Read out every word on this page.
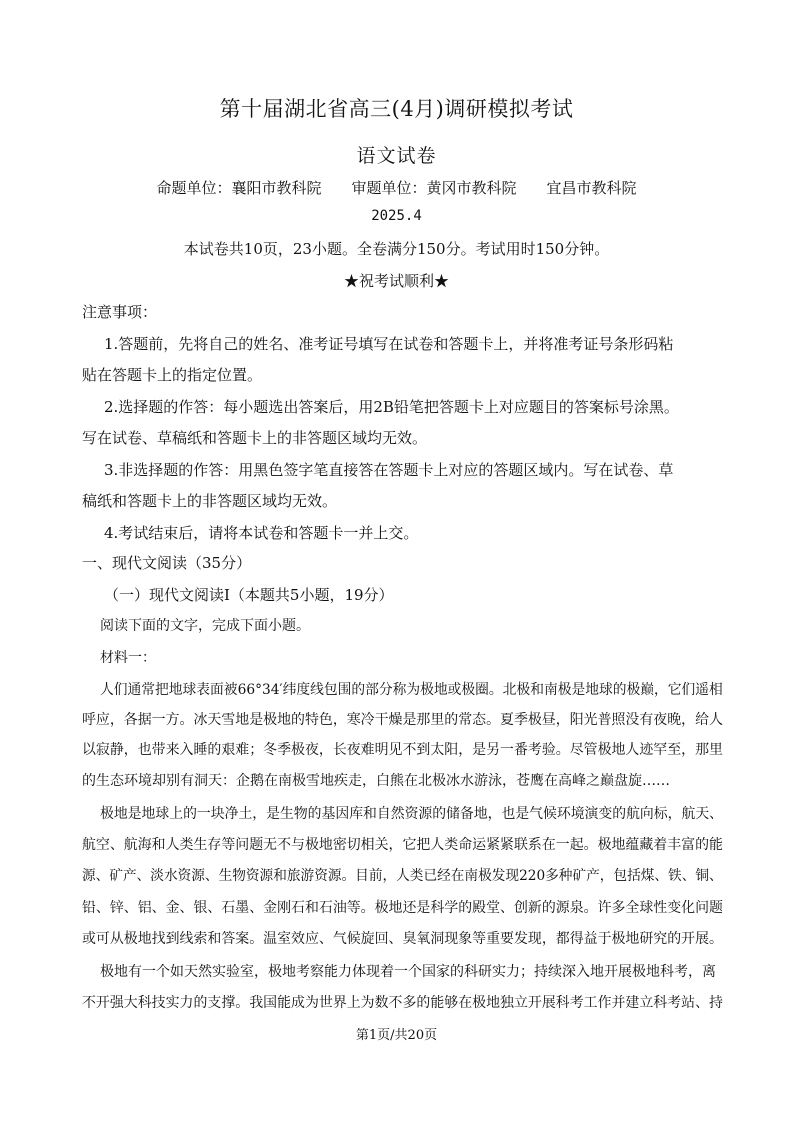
第十届湖北省高三(4月)调研模拟考试
语文试卷
命题单位：襄阳市教科院 审题单位：黄冈市教科院 宜昌市教科院
2025.4
本试卷共10页，23小题。全卷满分150分。考试用时150分钟。
★祝考试顺利★
注意事项：
1.答题前，先将自己的姓名、准考证号填写在试卷和答题卡上，并将准考证号条形码粘
贴在答题卡上的指定位置。
2.选择题的作答：每小题选出答案后，用2B铅笔把答题卡上对应题目的答案标号涂黑。
写在试卷、草稿纸和答题卡上的非答题区域均无效。
3.非选择题的作答：用黑色签字笔直接答在答题卡上对应的答题区域内。写在试卷、草
稿纸和答题卡上的非答题区域均无效。
4.考试结束后，请将本试卷和答题卡一并上交。
一、现代文阅读（35分）
（一）现代文阅读Ⅰ（本题共5小题，19分）
阅读下面的文字，完成下面小题。
材料一：
人们通常把地球表面被66°34′纬度线包围的部分称为极地或极圈。北极和南极是地球的极巅，它们遥相
呼应，各据一方。冰天雪地是极地的特色，寒冷干燥是那里的常态。夏季极昼，阳光普照没有夜晚，给人
以寂静，也带来入睡的艰难；冬季极夜，长夜难明见不到太阳，是另一番考验。尽管极地人迹罕至，那里
的生态环境却别有洞天：企鹅在南极雪地疾走，白熊在北极冰水游泳，苍鹰在高峰之巅盘旋……
极地是地球上的一块净土，是生物的基因库和自然资源的储备地，也是气候环境演变的航向标，航天、
航空、航海和人类生存等问题无不与极地密切相关，它把人类命运紧紧联系在一起。极地蕴藏着丰富的能
源、矿产、淡水资源、生物资源和旅游资源。目前，人类已经在南极发现220多种矿产，包括煤、铁、铜、
铅、锌、铝、金、银、石墨、金刚石和石油等。极地还是科学的殿堂、创新的源泉。许多全球性变化问题
或可从极地找到线索和答案。温室效应、气候旋回、臭氧洞现象等重要发现，都得益于极地研究的开展。
极地有一个如天然实验室，极地考察能力体现着一个国家的科研实力；持续深入地开展极地科考，离
不开强大科技实力的支撑。我国能成为世界上为数不多的能够在极地独立开展科考工作并建立科考站、持
第1页/共20页
